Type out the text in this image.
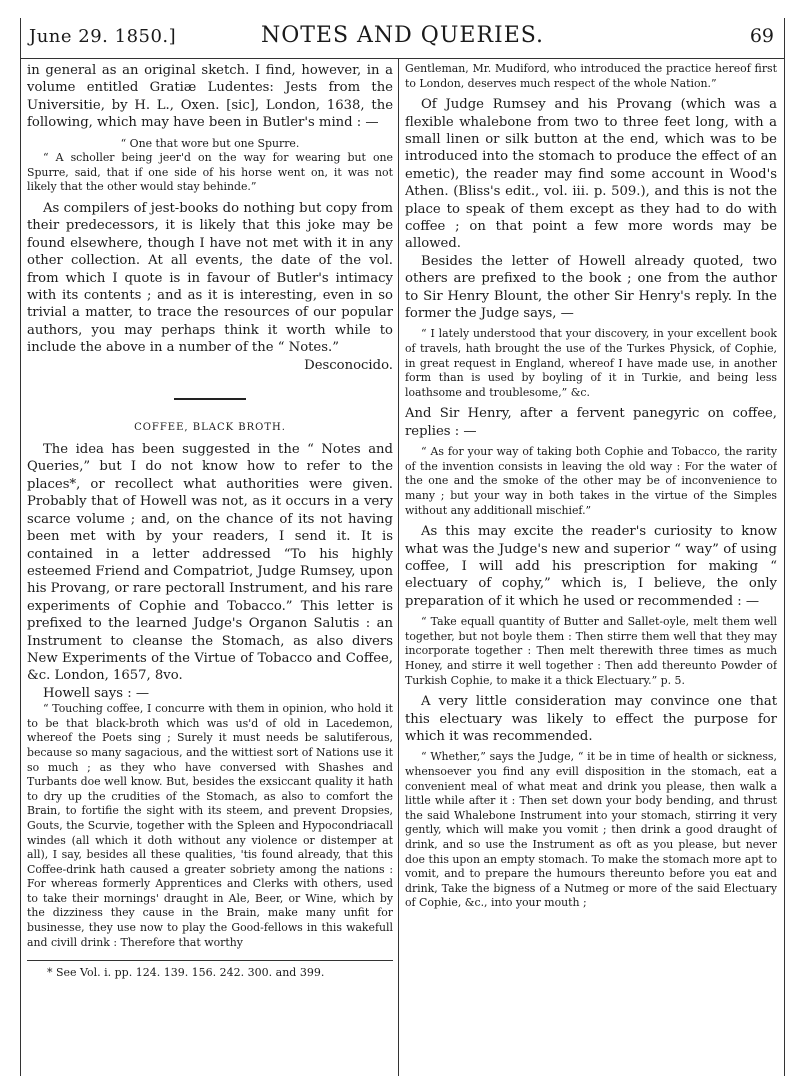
June 29. 1850.]	NOTES AND QUERIES.	69

in general as an original sketch. I find, however, in a volume entitled Gratiæ Ludentes: Jests from the Universitie, by H. L., Oxen. [sic], London, 1638, the following, which may have been in Butler's mind : —

“ One that wore but one Spurre.

“ A scholler being jeer'd on the way for wearing but one Spurre, said, that if one side of his horse went on, it was not likely that the other would stay behinde.”

As compilers of jest-books do nothing but copy from their predecessors, it is likely that this joke may be found elsewhere, though I have not met with it in any other collection. At all events, the date of the vol. from which I quote is in favour of Butler's intimacy with its contents ; and as it is interesting, even in so trivial a matter, to trace the resources of our popular authors, you may perhaps think it worth while to include the above in a number of the “ Notes.”

Desconocido.

COFFEE, BLACK BROTH.

The idea has been suggested in the “ Notes and Queries,” but I do not know how to refer to the places*, or recollect what authorities were given. Probably that of Howell was not, as it occurs in a very scarce volume ; and, on the chance of its not having been met with by your readers, I send it. It is contained in a letter addressed “To his highly esteemed Friend and Compatriot, Judge Rumsey, upon his Provang, or rare pectorall Instrument, and his rare experiments of Cophie and Tobacco.” This letter is prefixed to the learned Judge's Organon Salutis : an Instrument to cleanse the Stomach, as also divers New Experiments of the Virtue of Tobacco and Coffee, &c. London, 1657, 8vo.

Howell says : —

“ Touching coffee, I concurre with them in opinion, who hold it to be that black-broth which was us'd of old in Lacedemon, whereof the Poets sing ; Surely it must needs be salutiferous, because so many sagacious, and the wittiest sort of Nations use it so much ; as they who have conversed with Shashes and Turbants doe well know. But, besides the exsiccant quality it hath to dry up the crudities of the Stomach, as also to comfort the Brain, to fortifie the sight with its steem, and prevent Dropsies, Gouts, the Scurvie, together with the Spleen and Hypocondriacall windes (all which it doth without any violence or distemper at all), I say, besides all these qualities, 'tis found already, that this Coffee-drink hath caused a greater sobriety among the nations : For whereas formerly Apprentices and Clerks with others, used to take their mornings' draught in Ale, Beer, or Wine, which by the dizziness they cause in the Brain, make many unfit for businesse, they use now to play the Good-fellows in this wakefull and civill drink : Therefore that worthy

* See Vol. i. pp. 124. 139. 156. 242. 300. and 399.

Gentleman, Mr. Mudiford, who introduced the practice hereof first to London, deserves much respect of the whole Nation.”

Of Judge Rumsey and his Provang (which was a flexible whalebone from two to three feet long, with a small linen or silk button at the end, which was to be introduced into the stomach to produce the effect of an emetic), the reader may find some account in Wood's Athen. (Bliss's edit., vol. iii. p. 509.), and this is not the place to speak of them except as they had to do with coffee ; on that point a few more words may be allowed.

Besides the letter of Howell already quoted, two others are prefixed to the book ; one from the author to Sir Henry Blount, the other Sir Henry's reply. In the former the Judge says, —

“ I lately understood that your discovery, in your excellent book of travels, hath brought the use of the Turkes Physick, of Cophie, in great request in England, whereof I have made use, in another form than is used by boyling of it in Turkie, and being less loathsome and troublesome,” &c.

And Sir Henry, after a fervent panegyric on coffee, replies : —

“ As for your way of taking both Cophie and Tobacco, the rarity of the invention consists in leaving the old way : For the water of the one and the smoke of the other may be of inconvenience to many ; but your way in both takes in the virtue of the Simples without any additionall mischief.”

As this may excite the reader's curiosity to know what was the Judge's new and superior “ way” of using coffee, I will add his prescription for making “ electuary of cophy,” which is, I believe, the only preparation of it which he used or recommended : —

“ Take equall quantity of Butter and Sallet-oyle, melt them well together, but not boyle them : Then stirre them well that they may incorporate together : Then melt therewith three times as much Honey, and stirre it well together : Then add thereunto Powder of Turkish Cophie, to make it a thick Electuary.” p. 5.

A very little consideration may convince one that this electuary was likely to effect the purpose for which it was recommended.

“ Whether,” says the Judge, “ it be in time of health or sickness, whensoever you find any evill disposition in the stomach, eat a convenient meal of what meat and drink you please, then walk a little while after it : Then set down your body bending, and thrust the said Whalebone Instrument into your stomach, stirring it very gently, which will make you vomit ; then drink a good draught of drink, and so use the Instrument as oft as you please, but never doe this upon an empty stomach. To make the stomach more apt to vomit, and to prepare the humours thereunto before you eat and drink, Take the bigness of a Nutmeg or more of the said Electuary of Cophie, &c., into your mouth ;
